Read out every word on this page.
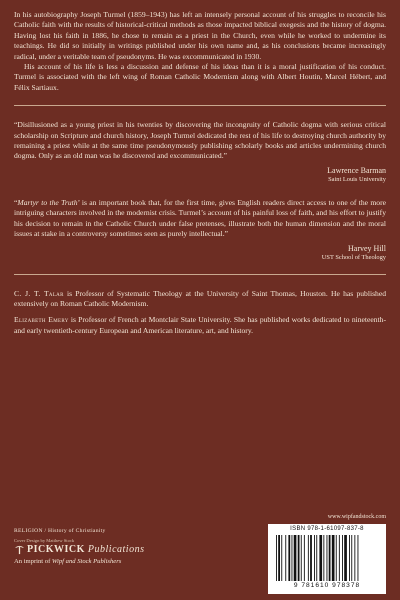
In his autobiography Joseph Turmel (1859–1943) has left an intensely personal account of his struggles to reconcile his Catholic faith with the results of historical-critical methods as those impacted biblical exegesis and the history of dogma. Having lost his faith in 1886, he chose to remain as a priest in the Church, even while he worked to undermine its teachings. He did so initially in writings published under his own name and, as his conclusions became increasingly radical, under a veritable team of pseudonyms. He was excommunicated in 1930.

His account of his life is less a discussion and defense of his ideas than it is a moral justification of his conduct. Turmel is associated with the left wing of Roman Catholic Modernism along with Albert Houtin, Marcel Hébert, and Félix Sartiaux.

“Disillusioned as a young priest in his twenties by discovering the incongruity of Catholic dogma with serious critical scholarship on Scripture and church history, Joseph Turmel dedicated the rest of his life to destroying church authority by remaining a priest while at the same time pseudonymously publishing scholarly books and articles undermining church dogma. Only as an old man was he discovered and excommunicated.”

Lawrence Barman
Saint Louis University

“Martyr to the Truth’ is an important book that, for the first time, gives English readers direct access to one of the more intriguing characters involved in the modernist crisis. Turmel’s account of his painful loss of faith, and his effort to justify his decision to remain in the Catholic Church under false pretenses, illustrate both the human dimension and the moral issues at stake in a controversy sometimes seen as purely intellectual.”

Harvey Hill
UST School of Theology

C. J. T. Talar is Professor of Systematic Theology at the University of Saint Thomas, Houston. He has published extensively on Roman Catholic Modernism.

Elizabeth Emery is Professor of French at Montclair State University. She has published works dedicated to nineteenth- and early twentieth-century European and American literature, art, and history.

www.wipfandstock.com
RELIGION / History of Christianity
Cover Design by Matthew Stock
PICKWICK Publications
An imprint of Wipf and Stock Publishers
ISBN 978-1-61097-837-8
9 781610 978378
